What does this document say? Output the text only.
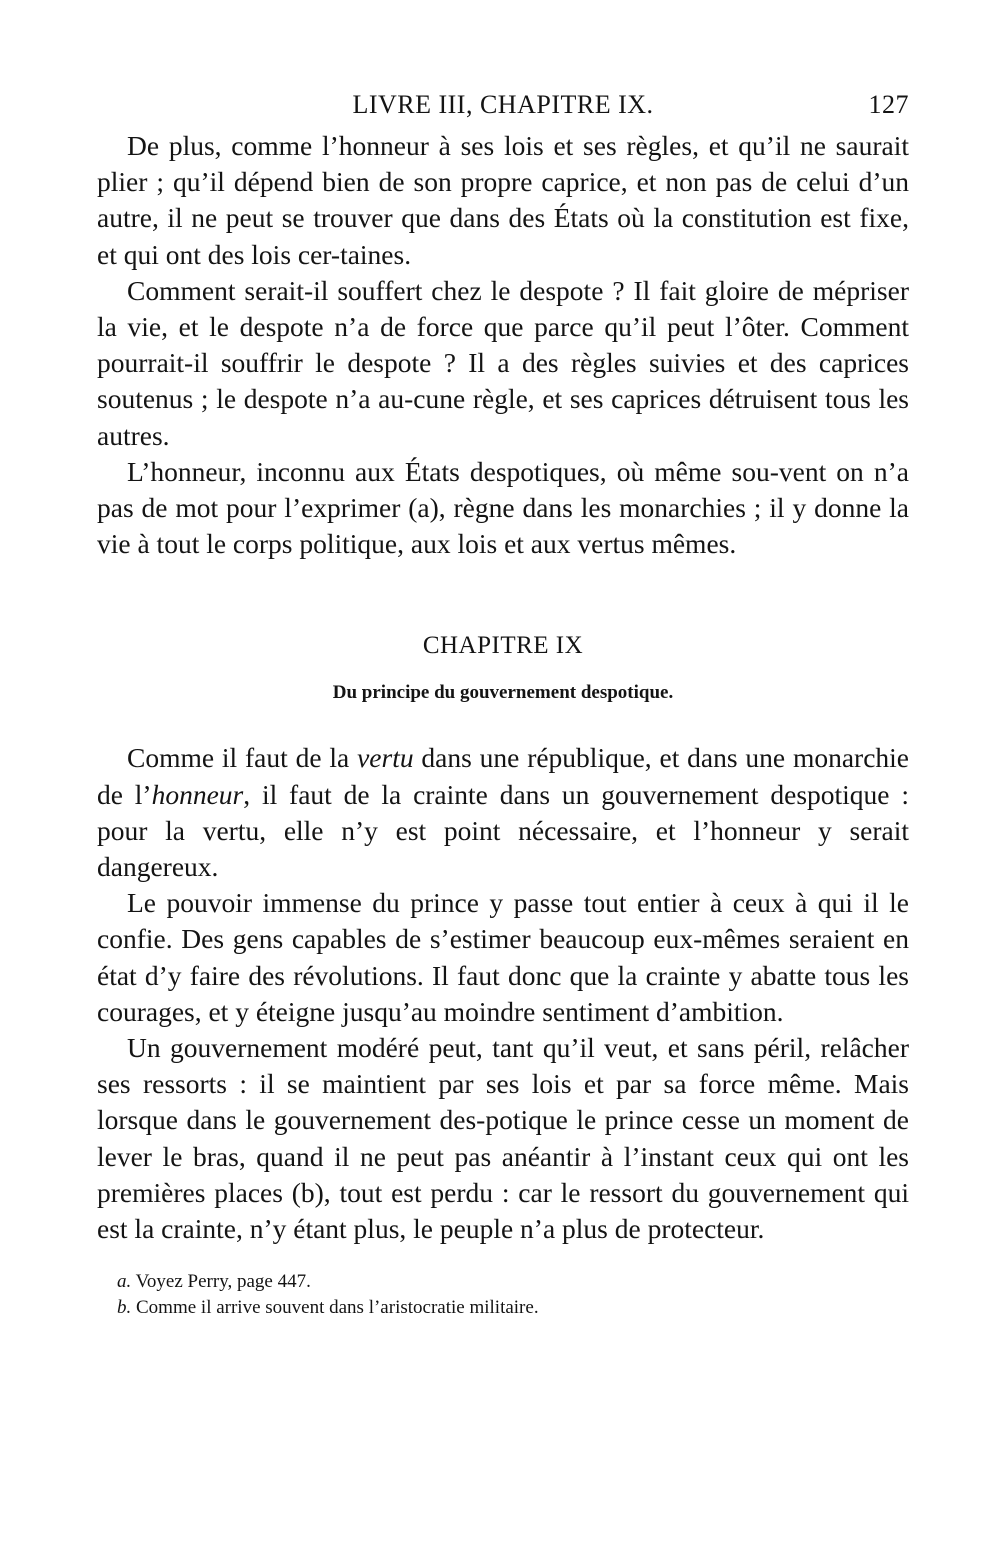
LIVRE III, CHAPITRE IX.	127

De plus, comme l’honneur à ses lois et ses règles, et qu’il ne saurait plier ; qu’il dépend bien de son propre caprice, et non pas de celui d’un autre, il ne peut se trouver que dans des États où la constitution est fixe, et qui ont des lois cer-taines.

Comment serait-il souffert chez le despote ? Il fait gloire de mépriser la vie, et le despote n’a de force que parce qu’il peut l’ôter. Comment pourrait-il souffrir le despote ? Il a des règles suivies et des caprices soutenus ; le despote n’a au-cune règle, et ses caprices détruisent tous les autres.

L’honneur, inconnu aux États despotiques, où même sou-vent on n’a pas de mot pour l’exprimer (a), règne dans les monarchies ; il y donne la vie à tout le corps politique, aux lois et aux vertus mêmes.

CHAPITRE IX
Du principe du gouvernement despotique.

Comme il faut de la vertu dans une république, et dans une monarchie de l’honneur, il faut de la crainte dans un gouvernement despotique : pour la vertu, elle n’y est point nécessaire, et l’honneur y serait dangereux.

Le pouvoir immense du prince y passe tout entier à ceux à qui il le confie. Des gens capables de s’estimer beaucoup eux-mêmes seraient en état d’y faire des révolutions. Il faut donc que la crainte y abatte tous les courages, et y éteigne jusqu’au moindre sentiment d’ambition.

Un gouvernement modéré peut, tant qu’il veut, et sans péril, relâcher ses ressorts : il se maintient par ses lois et par sa force même. Mais lorsque dans le gouvernement des-potique le prince cesse un moment de lever le bras, quand il ne peut pas anéantir à l’instant ceux qui ont les premières places (b), tout est perdu : car le ressort du gouvernement qui est la crainte, n’y étant plus, le peuple n’a plus de protecteur.

a. Voyez Perry, page 447.
b. Comme il arrive souvent dans l’aristocratie militaire.
